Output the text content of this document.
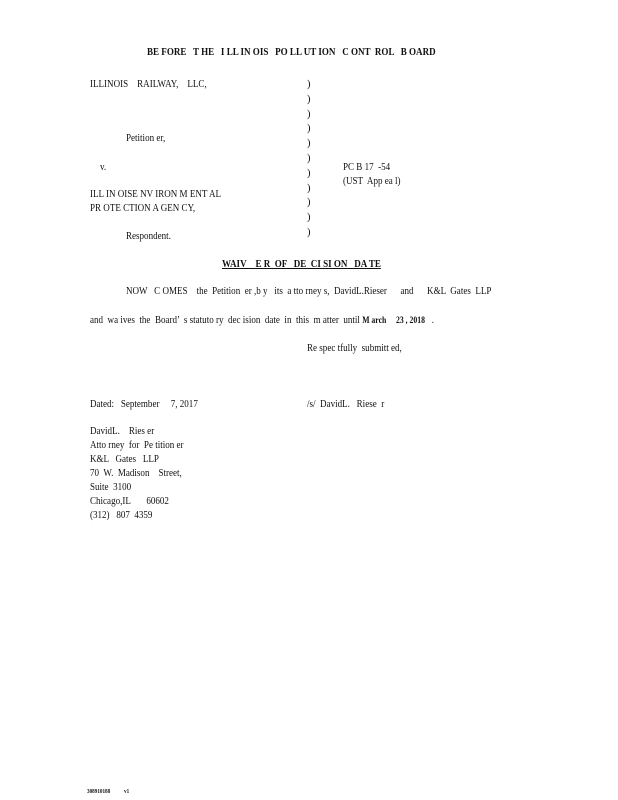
BE FORE   T HE   I LL IN OIS   PO LL UT ION   C ONT  ROL   B OARD
ILLINOIS    RAILWAY,    LLC,
Petition er,
v.
ILL IN OISE NV IRON M ENT AL
PR OTE CTION A GEN CY,
Respondent.
)
)
)
)
)
)
)
)
)
)
)
PC B 17  -54
(UST  App ea l)
WAIV    E R  OF   DE  CI SI ON   DA TE
NOW   C OMES    the  Petition  er ,b y   its  a tto rney s,  DavidL.Rieser      and      K&L  Gates  LLP
and  wa ives  the  Board’  s statuto ry  dec ision  date  in  this  m atter  until M arch     23 , 2018 .
Re spec tfully  submitt ed,
Dated:   September     7, 2017	/s/  DavidL.   Riese  r
DavidL.    Ries er
Atto rney  for  Pe tition er
K&L   Gates   LLP
70  W.  Madison    Street,
Suite  3100
Chicago,IL       60602
(312)   807  4359
308910188 v1
